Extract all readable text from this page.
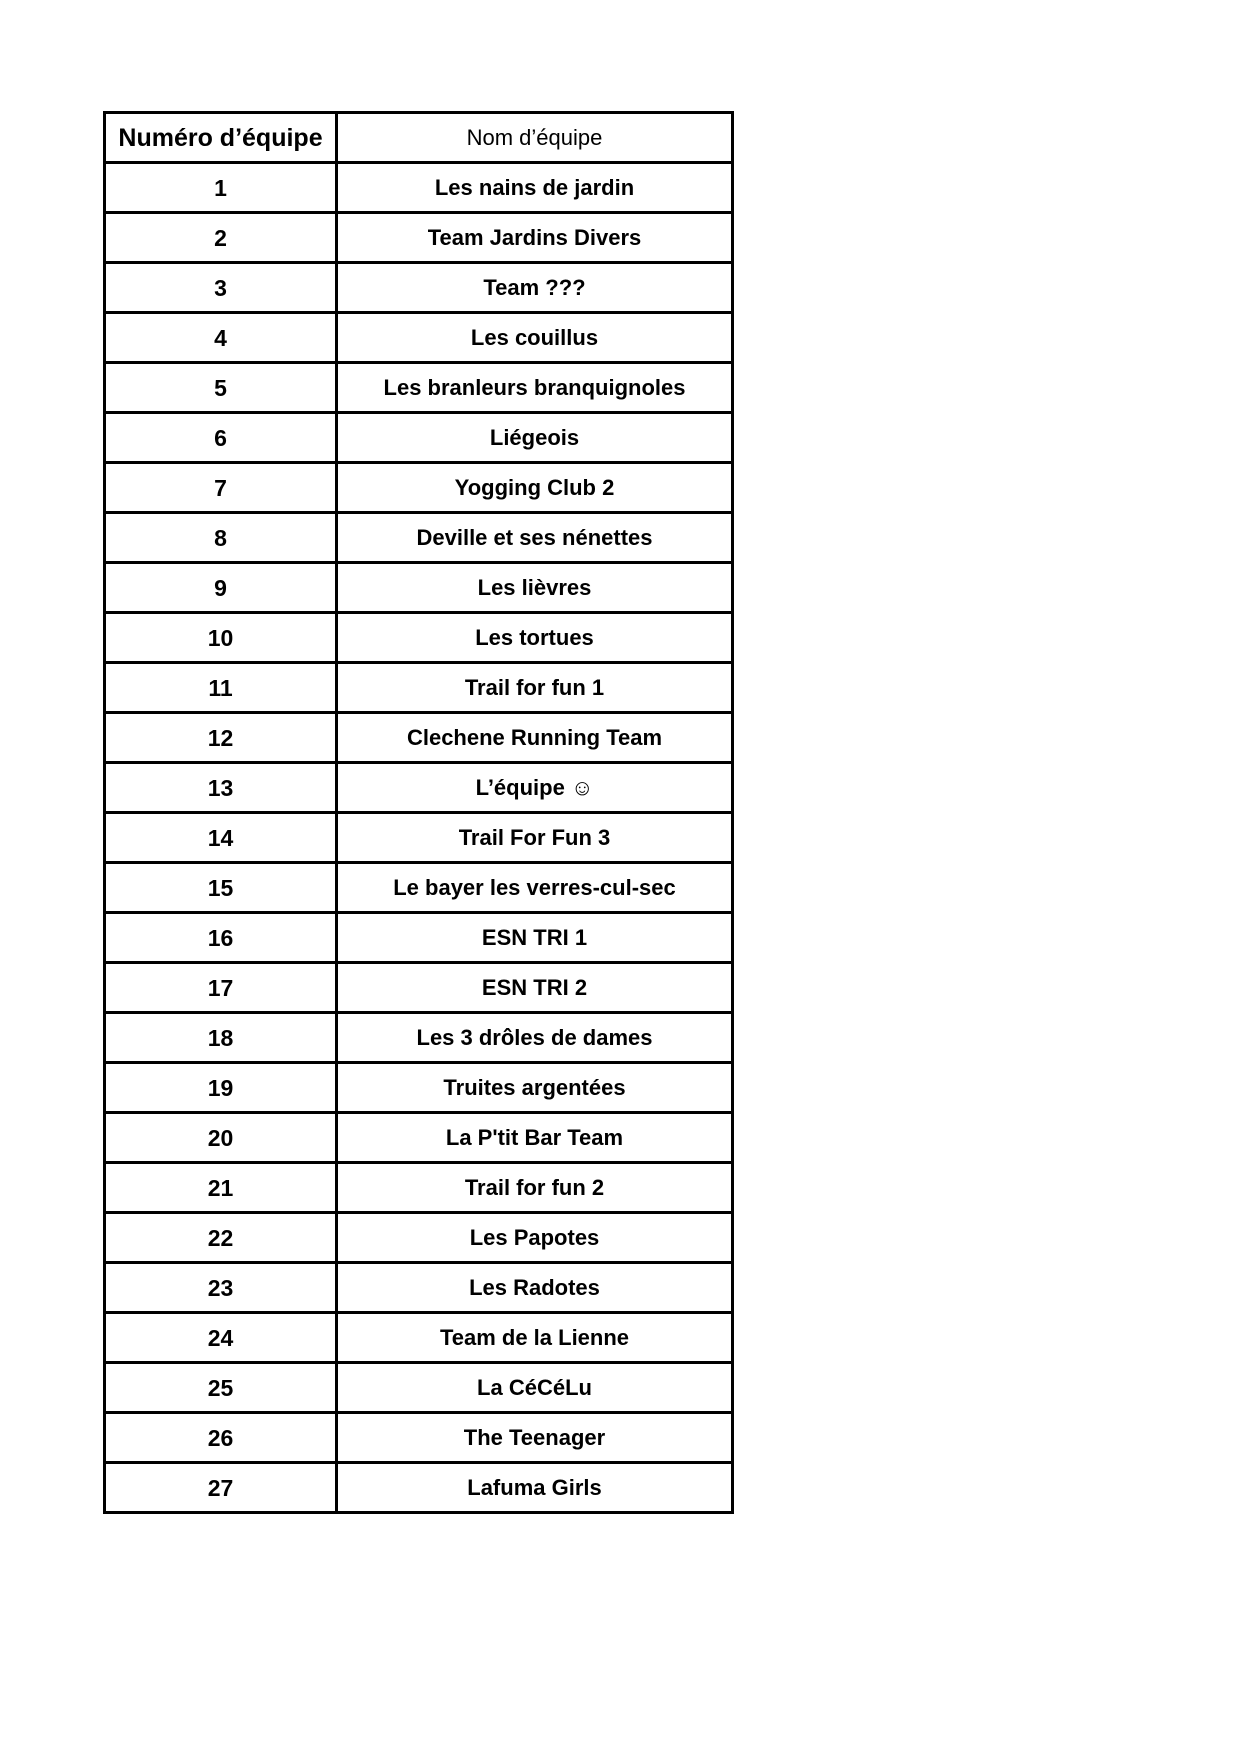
Numéro d’équipe	Nom d’équipe
1	Les nains de jardin
2	Team Jardins Divers
3	Team ???
4	Les couillus
5	Les branleurs branquignoles
6	Liégeois
7	Yogging Club 2
8	Deville et ses nénettes
9	Les lièvres
10	Les tortues
11	Trail for fun 1
12	Clechene Running Team
13	L’équipe ☺
14	Trail For Fun 3
15	Le bayer les verres-cul-sec
16	ESN TRI 1
17	ESN TRI 2
18	Les 3 drôles de dames
19	Truites argentées
20	La P'tit Bar Team
21	Trail for fun 2
22	Les Papotes
23	Les Radotes
24	Team de la Lienne
25	La CéCéLu
26	The Teenager
27	Lafuma Girls
